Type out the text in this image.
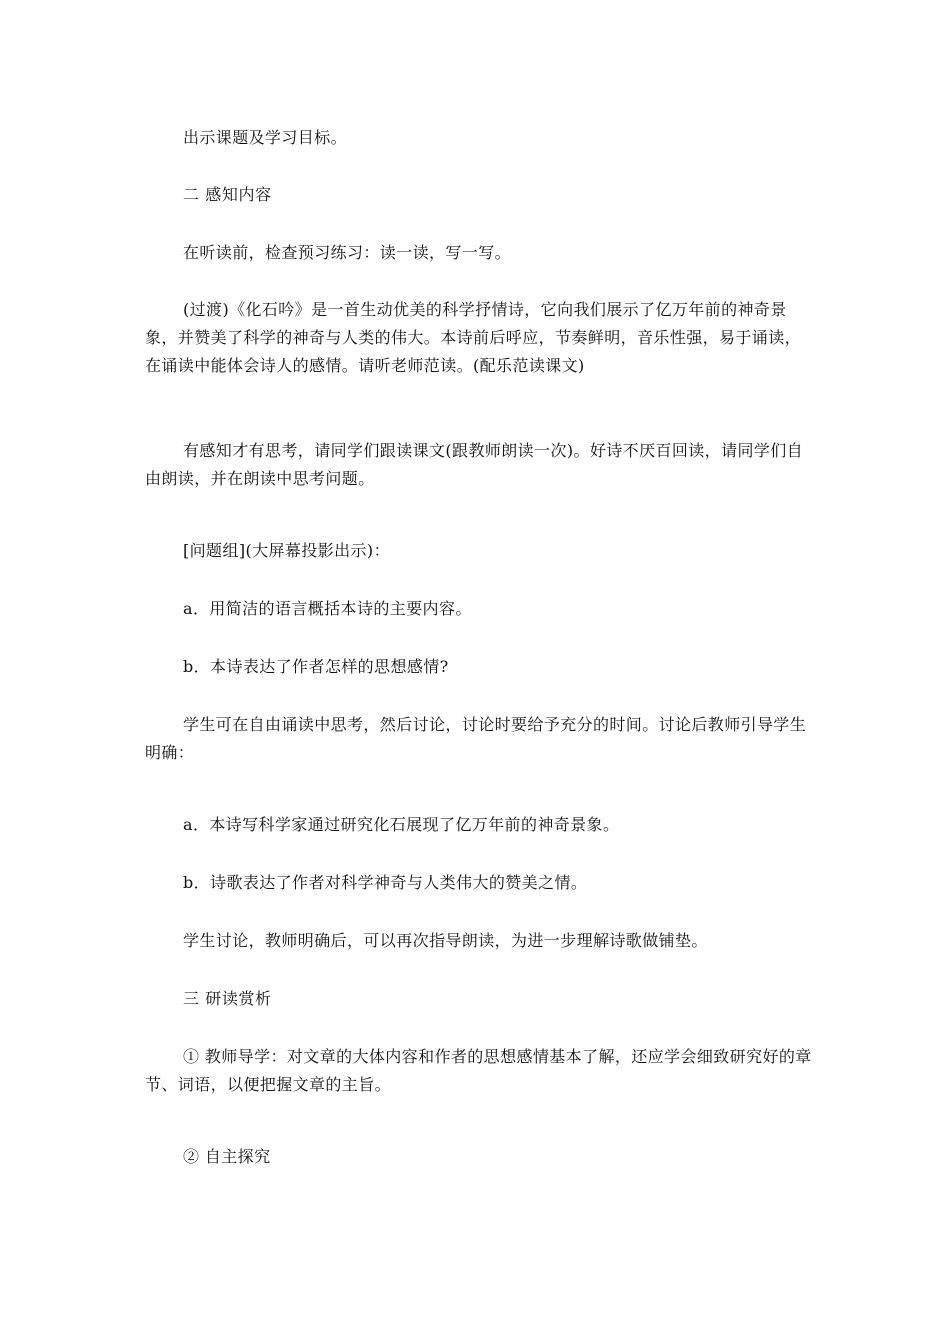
出示课题及学习目标。

二 感知内容

在听读前，检查预习练习：读一读，写一写。

(过渡)《化石吟》是一首生动优美的科学抒情诗，它向我们展示了亿万年前的神奇景象，并赞美了科学的神奇与人类的伟大。本诗前后呼应，节奏鲜明，音乐性强，易于诵读，在诵读中能体会诗人的感情。请听老师范读。(配乐范读课文)

有感知才有思考，请同学们跟读课文(跟教师朗读一次)。好诗不厌百回读，请同学们自由朗读，并在朗读中思考问题。

[问题组](大屏幕投影出示)：

a．用简洁的语言概括本诗的主要内容。

b．本诗表达了作者怎样的思想感情?

学生可在自由诵读中思考，然后讨论，讨论时要给予充分的时间。讨论后教师引导学生明确：

a．本诗写科学家通过研究化石展现了亿万年前的神奇景象。

b．诗歌表达了作者对科学神奇与人类伟大的赞美之情。

学生讨论，教师明确后，可以再次指导朗读，为进一步理解诗歌做铺垫。

三 研读赏析

① 教师导学：对文章的大体内容和作者的思想感情基本了解，还应学会细致研究好的章节、词语，以便把握文章的主旨。

② 自主探究
